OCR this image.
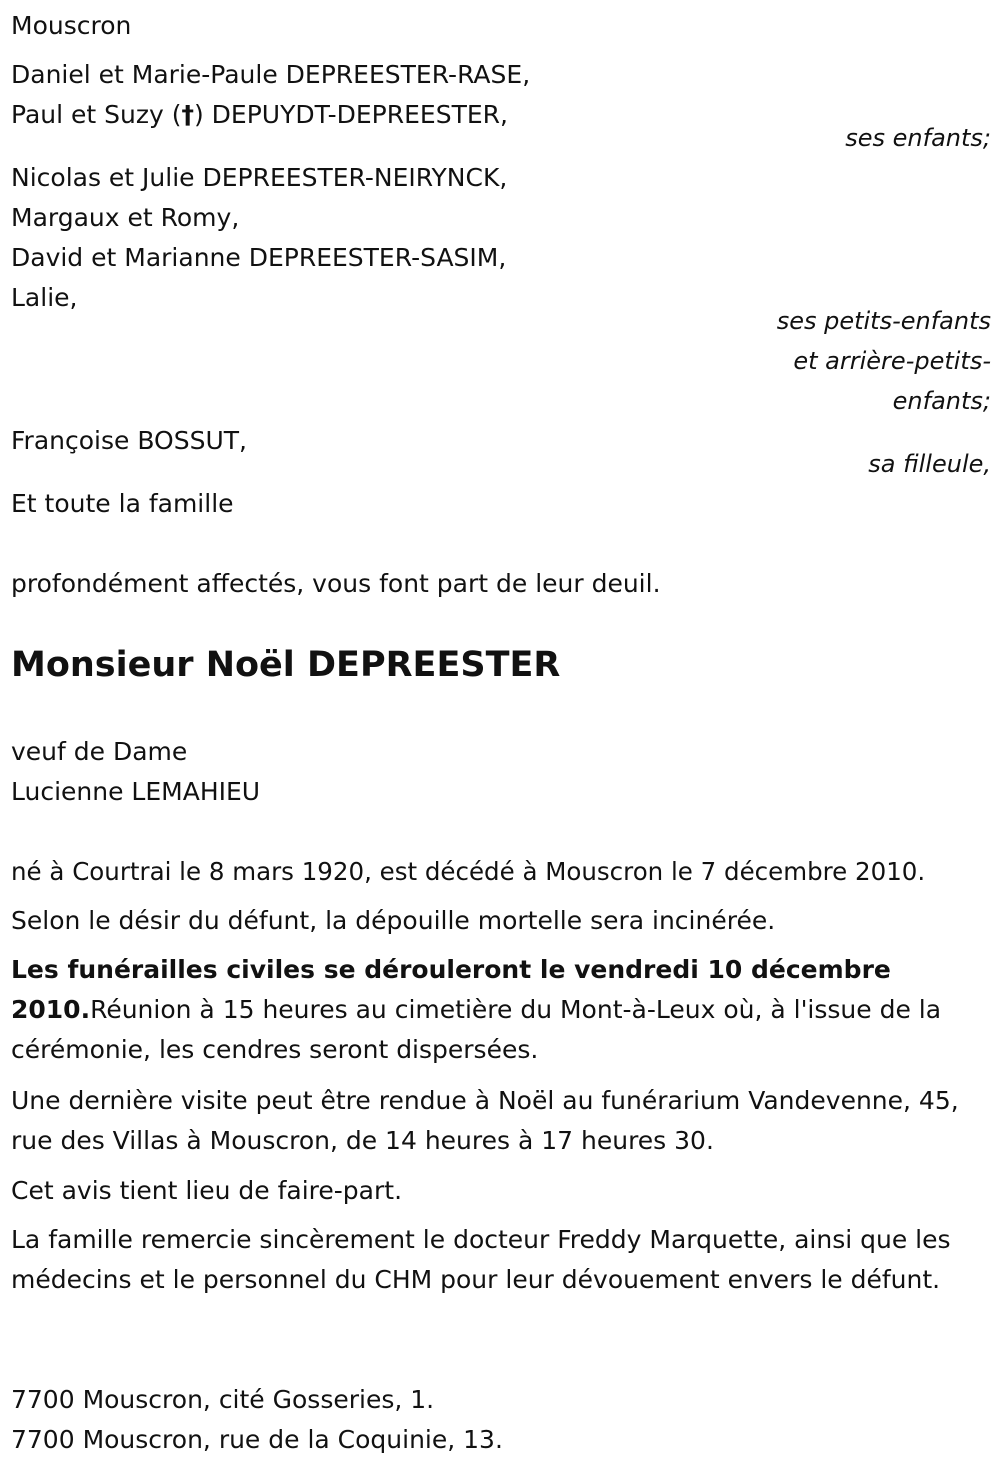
Mouscron
Daniel et Marie-Paule DEPREESTER-RASE,
Paul et Suzy (†) DEPUYDT-DEPREESTER,
ses enfants;
Nicolas et Julie DEPREESTER-NEIRYNCK,
Margaux et Romy,
David et Marianne DEPREESTER-SASIM,
Lalie,
ses petits-enfants
et arrière-petits-
enfants;
Françoise BOSSUT,
sa filleule,
Et toute la famille
profondément affectés, vous font part de leur deuil.
Monsieur Noël DEPREESTER
veuf de Dame
Lucienne LEMAHIEU
né à Courtrai le 8 mars 1920, est décédé à Mouscron le 7 décembre 2010.
Selon le désir du défunt, la dépouille mortelle sera incinérée.
Les funérailles civiles se dérouleront le vendredi 10 décembre 2010.Réunion à 15 heures au cimetière du Mont-à-Leux où, à l'issue de la cérémonie, les cendres seront dispersées.
Une dernière visite peut être rendue à Noël au funérarium Vandevenne, 45, rue des Villas à Mouscron, de 14 heures à 17 heures 30.
Cet avis tient lieu de faire-part.
La famille remercie sincèrement le docteur Freddy Marquette, ainsi que les médecins et le personnel du CHM pour leur dévouement envers le défunt.
7700 Mouscron, cité Gosseries, 1.
7700 Mouscron, rue de la Coquinie, 13.
